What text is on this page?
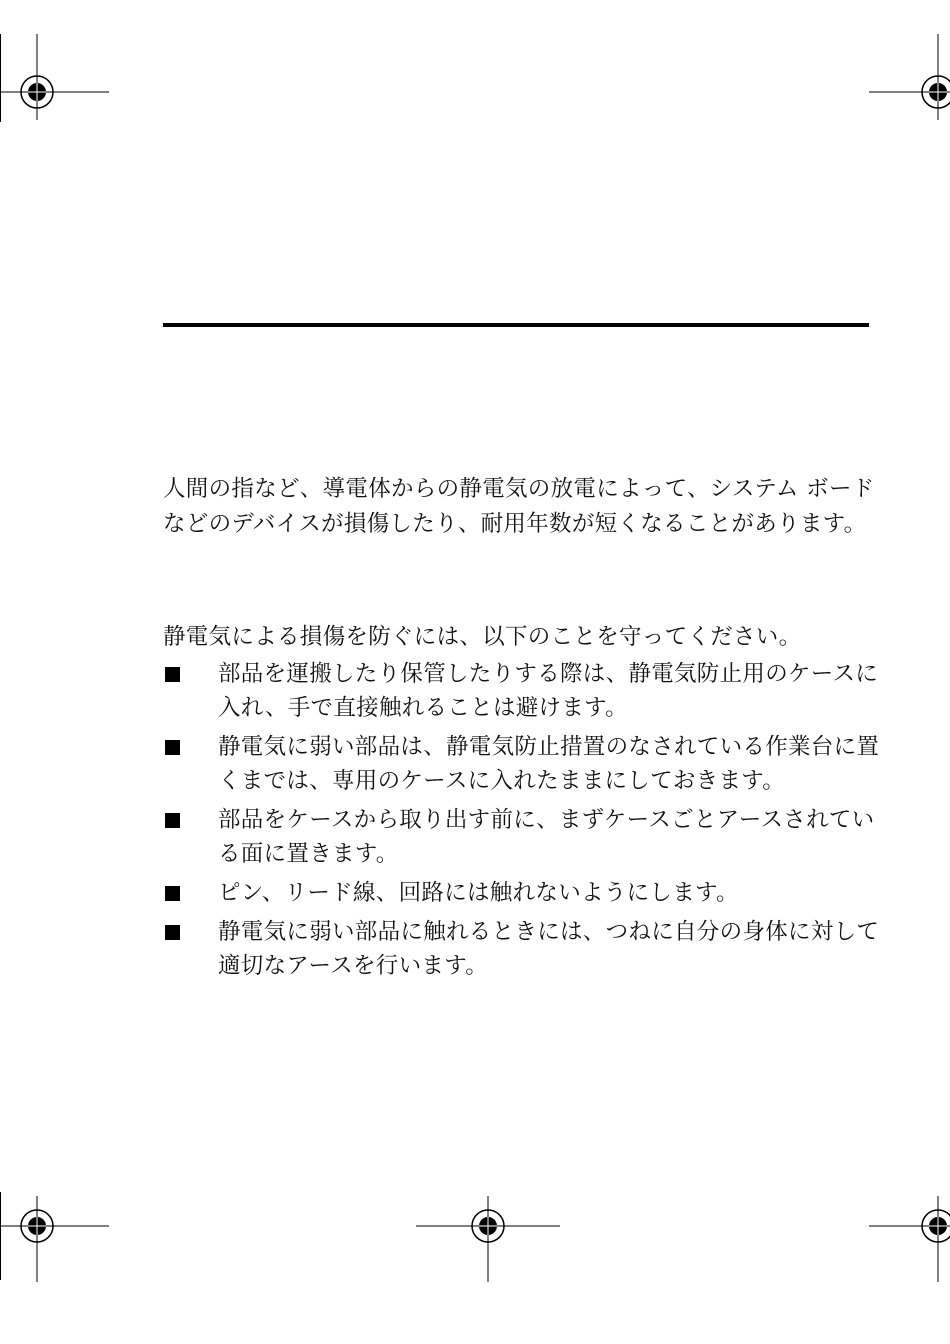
人間の指など、導電体からの静電気の放電によって、システム ボード
などのデバイスが損傷したり、耐用年数が短くなることがあります。

静電気による損傷を防ぐには、以下のことを守ってください。

部品を運搬したり保管したりする際は、静電気防止用のケースに
入れ、手で直接触れることは避けます。
静電気に弱い部品は、静電気防止措置のなされている作業台に置
くまでは、専用のケースに入れたままにしておきます。
部品をケースから取り出す前に、まずケースごとアースされてい
る面に置きます。
ピン、リード線、回路には触れないようにします。
静電気に弱い部品に触れるときには、つねに自分の身体に対して
適切なアースを行います。
